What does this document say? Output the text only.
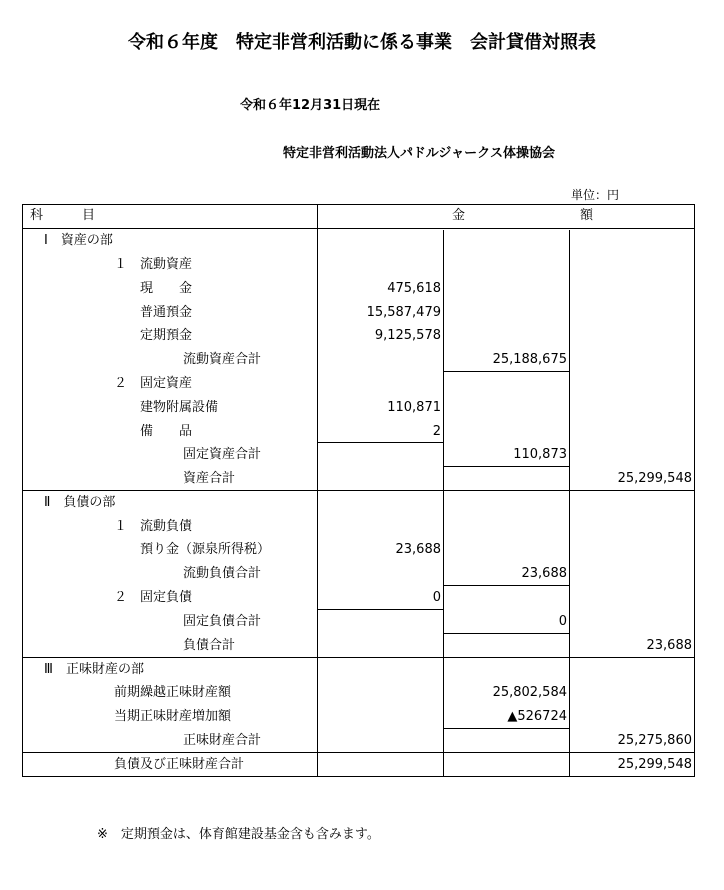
令和６年度　特定非営利活動に係る事業　会計貸借対照表
令和６年12月31日現在
特定非営利活動法人パドルジャークス体操協会
単位：円
科　　　目	金	額
Ⅰ　資産の部
１　流動資産
現　　金
普通預金
定期預金
流動資産合計
２　固定資産
建物附属設備
備　　品
固定資産合計
資産合計
Ⅱ　負債の部
１　流動負債
預り金（源泉所得税）
流動負債合計
２　固定負債
固定負債合計
負債合計
Ⅲ　正味財産の部
前期繰越正味財産額
当期正味財産増加額
正味財産合計
負債及び正味財産合計
475,618
15,587,479
9,125,578
110,871
2
23,688
0
25,188,675
110,873
23,688
0
25,802,584
▲526724
25,299,548
23,688
25,275,860
25,299,548
※　定期預金は、体育館建設基金含も含みます。
